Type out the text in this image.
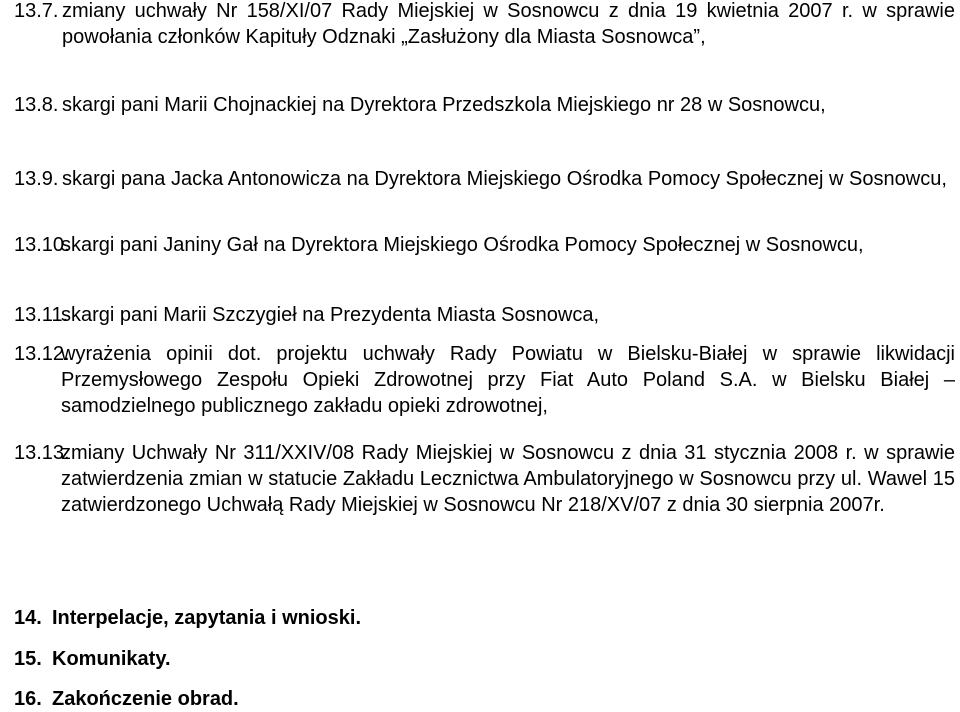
13.7. zmiany uchwały Nr 158/XI/07 Rady Miejskiej w Sosnowcu z dnia 19 kwietnia 2007 r. w sprawie powołania członków Kapituły Odznaki „Zasłużony dla Miasta Sosnowca”,
13.8. skargi pani Marii Chojnackiej na Dyrektora Przedszkola Miejskiego nr 28 w Sosnowcu,
13.9. skargi pana Jacka Antonowicza na Dyrektora Miejskiego Ośrodka Pomocy Społecznej w Sosnowcu,
13.10.
skargi pani Janiny Gał na Dyrektora Miejskiego Ośrodka Pomocy Społecznej w Sosnowcu,
13.11.
skargi pani Marii Szczygieł na Prezydenta Miasta Sosnowca,
13.12.
wyrażenia opinii dot. projektu uchwały Rady Powiatu w Bielsku-Białej w sprawie likwidacji Przemysłowego Zespołu Opieki Zdrowotnej przy Fiat Auto Poland S.A. w Bielsku Białej – samodzielnego publicznego zakładu opieki zdrowotnej,
13.13.
zmiany Uchwały Nr 311/XXIV/08 Rady Miejskiej w Sosnowcu z dnia 31 stycznia 2008 r. w sprawie zatwierdzenia zmian w statucie Zakładu Lecznictwa Ambulatoryjnego w Sosnowcu przy ul. Wawel 15 zatwierdzonego Uchwałą Rady Miejskiej w Sosnowcu Nr 218/XV/07 z dnia 30 sierpnia 2007r.
14. Interpelacje, zapytania i wnioski.
15. Komunikaty.
16. Zakończenie obrad.
